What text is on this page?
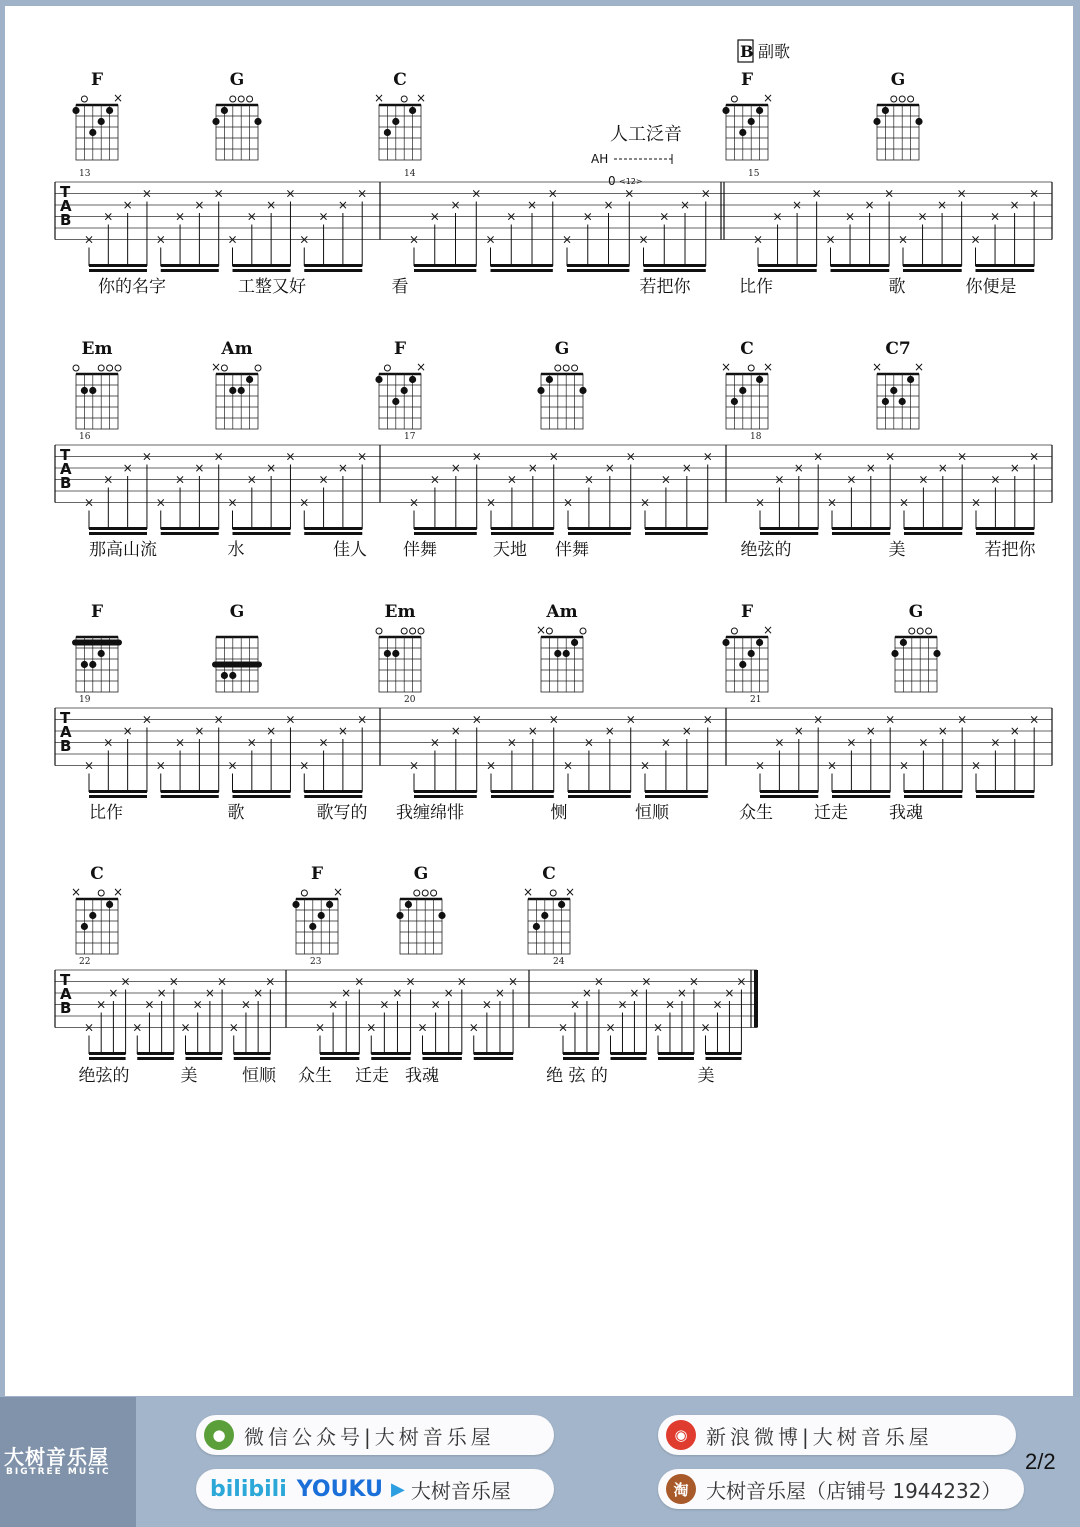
B 副歌
人工泛音
AH
0 <12>
F
×
G	C
×	×
F
×
G
T
A
B
13	14	15
×
×
×
×
×
×
×
×
×
×
×
×
×
×
×
×
×
×
×
×
×
×
×
×
×
×
×
×
×
×
×
×
×
×
×
×
×
×
×
×
×
×
×
×
×
×
×
×
你的名字	工整又好	看	若把你	比作	歌	你便是
Em	Am
×
F
×
G	C
×	×
C7
×	×
T
A
B
16	17	18
×
×
×
×
×
×
×
×
×
×
×
×
×
×
×
×
×
×
×
×
×
×
×
×
×
×
×
×
×
×
×
×
×
×
×
×
×
×
×
×
×
×
×
×
×
×
×
×
那高山流	水	佳人 伴舞	天地 伴舞	绝弦的	美	若把你
F	G	Em	Am
×
F
×
G
T
A
B
19	20	21
×
×
×
×
×
×
×
×
×
×
×
×
×
×
×
×
×
×
×
×
×
×
×
×
×
×
×
×
×
×
×
×
×
×
×
×
×
×
×
×
×
×
×
×
×
×
×
×
比作	歌	歌写的 我缠绵悱	恻	恒顺	众生 迁走 我魂
C
×	×
F
×
G	C
×	×
T
A
B
22	23	24
×
×
×
×
×
×
×
×
×
×
×
×
×
×
×
×
×
×
×
×
×
×
×
×
×
×
×
×
×
×
×
×
×
×
×
×
×
×
×
×
×
×
×
×
×
×
×
×
绝弦的	美	恒顺 众生 迁走 我魂	绝 弦 的	美
大树音乐屋
BIGTREE MUSIC
● 微信公众号|大树音乐屋
bilibili YOUKU ▶ 大树音乐屋
◉ 新浪微博|大树音乐屋
淘 大树音乐屋（店铺号 1944232）
2/2
